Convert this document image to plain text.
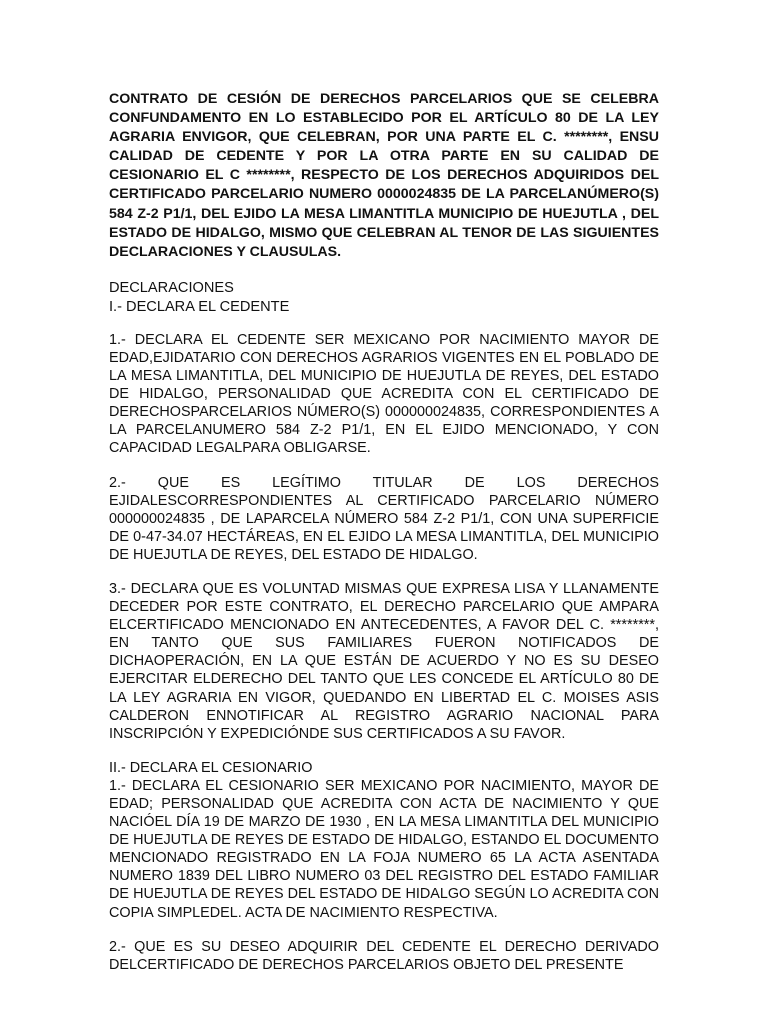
CONTRATO DE CESIÓN DE DERECHOS PARCELARIOS QUE SE CELEBRA CONFUNDAMENTO EN LO ESTABLECIDO POR EL ARTÍCULO 80 DE LA LEY AGRARIA ENVIGOR, QUE CELEBRAN, POR UNA PARTE EL C. ********, ENSU CALIDAD DE CEDENTE Y POR LA OTRA PARTE EN SU CALIDAD DE CESIONARIO EL C ********, RESPECTO DE LOS DERECHOS ADQUIRIDOS DEL CERTIFICADO PARCELARIO NUMERO 0000024835 DE LA PARCELANÚMERO(S) 584 Z-2 P1/1, DEL EJIDO LA MESA LIMANTITLA MUNICIPIO DE HUEJUTLA , DEL ESTADO DE HIDALGO, MISMO QUE CELEBRAN AL TENOR DE LAS SIGUIENTES DECLARACIONES Y CLAUSULAS.

DECLARACIONES

I.- DECLARA EL CEDENTE

1.- DECLARA EL CEDENTE SER MEXICANO POR NACIMIENTO MAYOR DE EDAD,EJIDATARIO CON DERECHOS AGRARIOS VIGENTES EN EL POBLADO DE LA MESA LIMANTITLA, DEL MUNICIPIO DE HUEJUTLA DE REYES, DEL ESTADO DE HIDALGO, PERSONALIDAD QUE ACREDITA CON EL CERTIFICADO DE DERECHOSPARCELARIOS NÚMERO(S) 000000024835, CORRESPONDIENTES A LA PARCELANUMERO 584 Z-2 P1/1, EN EL EJIDO MENCIONADO, Y CON CAPACIDAD LEGALPARA OBLIGARSE.

2.- QUE ES LEGÍTIMO TITULAR DE LOS DERECHOS EJIDALESCORRESPONDIENTES AL CERTIFICADO PARCELARIO NÚMERO 000000024835 , DE LAPARCELA NÚMERO 584 Z-2 P1/1, CON UNA SUPERFICIE DE 0-47-34.07 HECTÁREAS, EN EL EJIDO LA MESA LIMANTITLA, DEL MUNICIPIO DE HUEJUTLA DE REYES, DEL ESTADO DE HIDALGO.

3.- DECLARA QUE ES VOLUNTAD MISMAS QUE EXPRESA LISA Y LLANAMENTE DECEDER POR ESTE CONTRATO, EL DERECHO PARCELARIO QUE AMPARA ELCERTIFICADO MENCIONADO EN ANTECEDENTES, A FAVOR DEL C. ********, EN TANTO QUE SUS FAMILIARES FUERON NOTIFICADOS DE DICHAOPERACIÓN, EN LA QUE ESTÁN DE ACUERDO Y NO ES SU DESEO EJERCITAR ELDERECHO DEL TANTO QUE LES CONCEDE EL ARTÍCULO 80 DE LA LEY AGRARIA EN VIGOR, QUEDANDO EN LIBERTAD EL C. MOISES ASIS CALDERON ENNOTIFICAR AL REGISTRO AGRARIO NACIONAL PARA INSCRIPCIÓN Y EXPEDICIÓNDE SUS CERTIFICADOS A SU FAVOR.

II.- DECLARA EL CESIONARIO

1.- DECLARA EL CESIONARIO SER MEXICANO POR NACIMIENTO, MAYOR DE EDAD; PERSONALIDAD QUE ACREDITA CON ACTA DE NACIMIENTO Y QUE NACIÓEL DÍA 19 DE MARZO DE 1930 , EN LA MESA LIMANTITLA DEL MUNICIPIO DE HUEJUTLA DE REYES DE ESTADO DE HIDALGO, ESTANDO EL DOCUMENTO MENCIONADO REGISTRADO EN LA FOJA NUMERO 65 LA ACTA ASENTADA NUMERO 1839 DEL LIBRO NUMERO 03 DEL REGISTRO DEL ESTADO FAMILIAR DE HUEJUTLA DE REYES DEL ESTADO DE HIDALGO SEGÚN LO ACREDITA CON COPIA SIMPLEDEL. ACTA DE NACIMIENTO RESPECTIVA.

2.- QUE ES SU DESEO ADQUIRIR DEL CEDENTE EL DERECHO DERIVADO DELCERTIFICADO DE DERECHOS PARCELARIOS OBJETO DEL PRESENTE
